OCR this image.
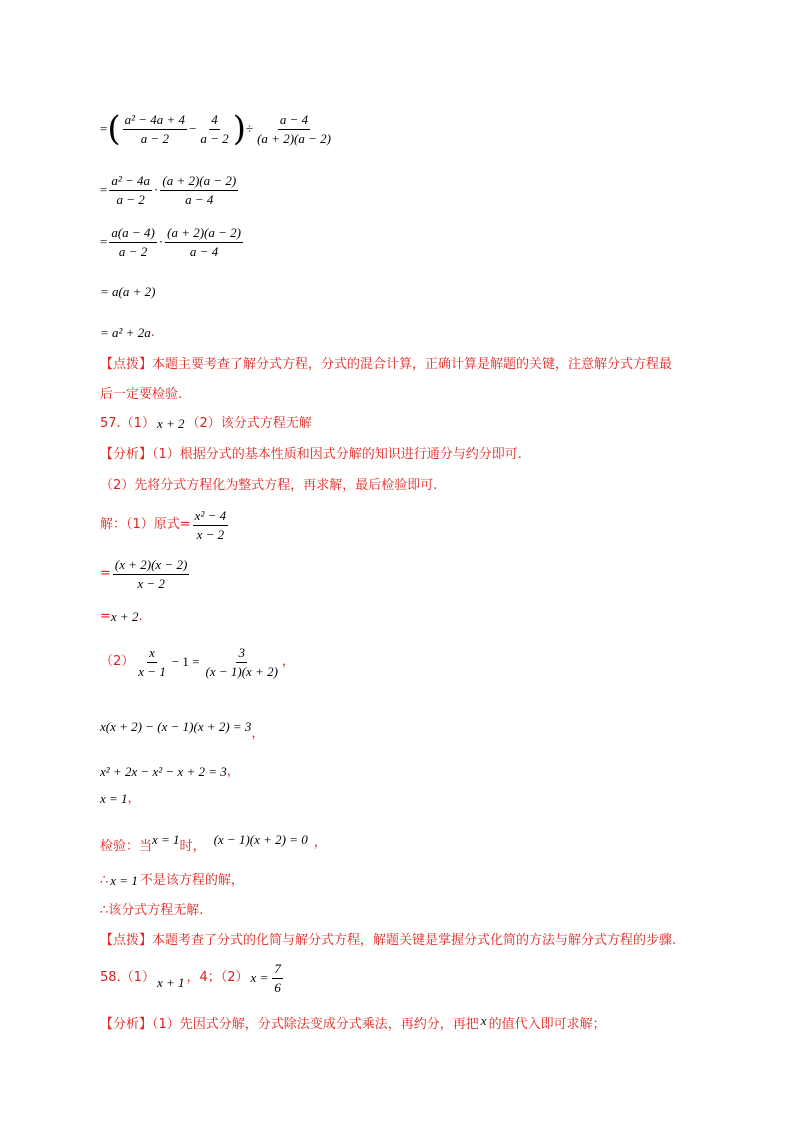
= ( $\frac{\text{a² − 4a + 4}}{a - 2} - \frac{4}{a - 2}$ ) ÷ $\frac{a - 4}{(a + 2)(a - 2)}$
= $\frac{\text{a² − 4a}}{a - 2} \cdot \frac{(a + 2)(a - 2)}{a - 4}$
= $\frac{a(a - 4)}{a - 2} \cdot \frac{(a + 2)(a - 2)}{a - 4}$
= a(a + 2)
= a² + 2a .
【点拨】本题主要考查了解分式方程，分式的混合计算，正确计算是解题的关键，注意解分式方程最
后一定要检验.
57.（1） x + 2 （2）该分式方程无解
【分析】（1）根据分式的基本性质和因式分解的知识进行通分与约分即可.
（2）先将分式方程化为整式方程，再求解，最后检验即可.
解：（1）原式= $\frac{\text{x² − 4}}{x - 2}$
= $\frac{(x + 2)(x - 2)}{x - 2}$
= x + 2 .
$(2) \frac{x}{x - 1} - 1 = \frac{3}{(x - 1)(x + 2)}$ ，
x(x + 2) − (x − 1)(x + 2) = 3 ，
x² + 2x − x² − x + 2 = 3 ，
x = 1 ，
检验：当 x = 1 时， (x − 1)(x + 2) = 0 ，
∴ x = 1 不是该方程的解，
∴该分式方程无解.
【点拨】本题考查了分式的化简与解分式方程，解题关键是掌握分式化简的方法与解分式方程的步骤.
58.（1） x + 1 ，4；（2） $x = \frac{7}{6}$
【分析】（1）先因式分解，分式除法变成分式乘法，再约分，再把 x 的值代入即可求解；
